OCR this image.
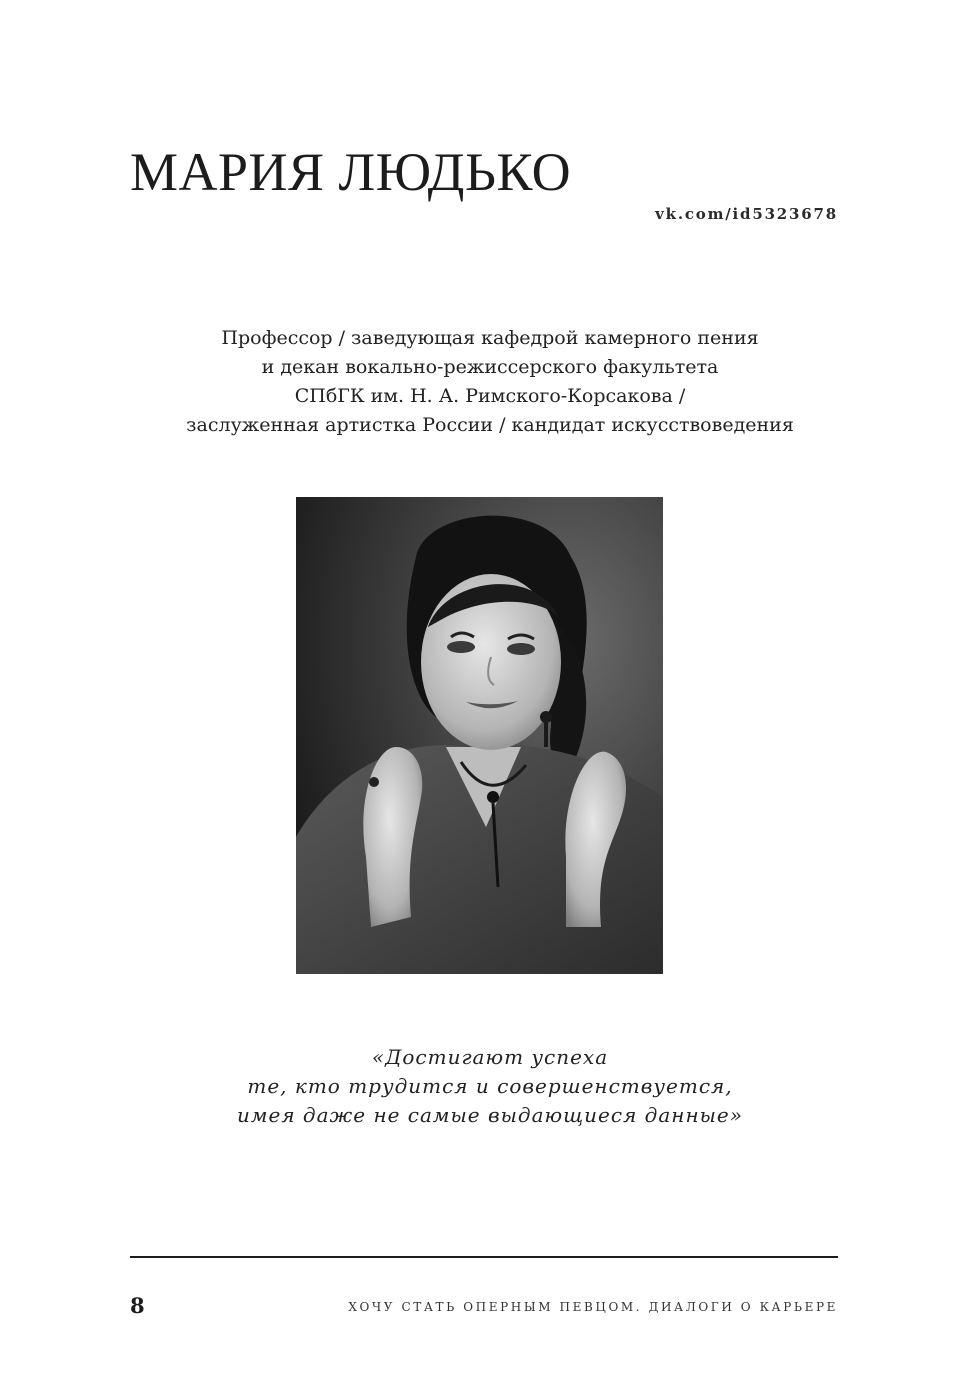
МАРИЯ ЛЮДЬКО
vk.com/id5323678
Профессор / заведующая кафедрой камерного пения
и декан вокально-режиссерского факультета
СПбГК им. Н. А. Римского-Корсакова /
заслуженная артистка России / кандидат искусствоведения
«Достигают успеха
те, кто трудится и совершенствуется,
имея даже не самые выдающиеся данные»
8	ХОЧУ СТАТЬ ОПЕРНЫМ ПЕВЦОМ. ДИАЛОГИ О КАРЬЕРЕ
